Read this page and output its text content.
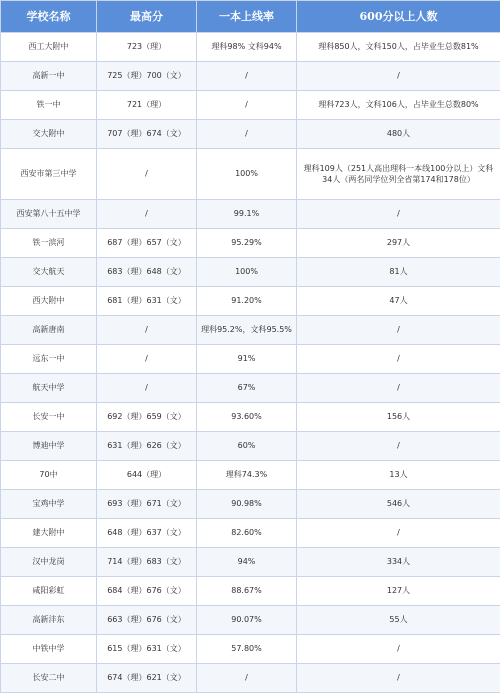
学校名称	最高分	一本上线率	600分以上人数
西工大附中	723（理）	理科98% 文科94%	理科850人，文科150人，占毕业生总数81%
高新一中	725（理）700（文）	/	/
铁一中	721（理）	/	理科723人，文科106人，占毕业生总数80%
交大附中	707（理）674（文）	/	480人
西安市第三中学	/	100%	理科109人（251人高出理科一本线100分以上）文科34人（两名同学位列全省第174和178位）
西安第八十五中学	/	99.1%	/
铁一滨河	687（理）657（文）	95.29%	297人
交大航天	683（理）648（文）	100%	81人
西大附中	681（理）631（文）	91.20%	47人
高新唐南	/	理科95.2%，文科95.5%	/
远东一中	/	91%	/
航天中学	/	67%	/
长安一中	692（理）659（文）	93.60%	156人
博迪中学	631（理）626（文）	60%	/
70中	644（理）	理科74.3%	13人
宝鸡中学	693（理）671（文）	90.98%	546人
建大附中	648（理）637（文）	82.60%	/
汉中龙岗	714（理）683（文）	94%	334人
咸阳彩虹	684（理）676（文）	88.67%	127人
高新沣东	663（理）676（文）	90.07%	55人
中铁中学	615（理）631（文）	57.80%	/
长安二中	674（理）621（文）	/	/
